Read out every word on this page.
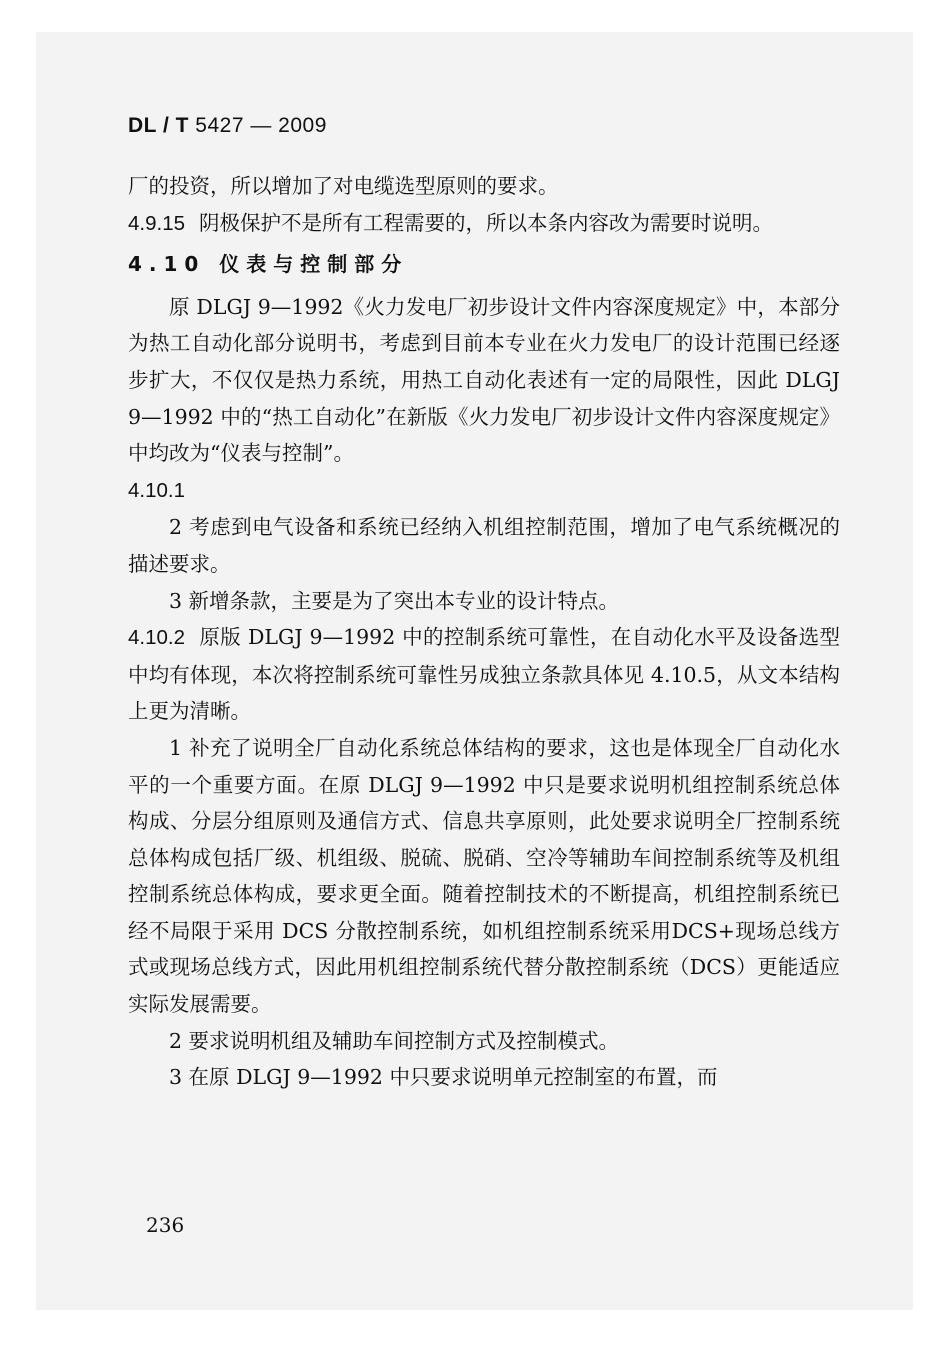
DL / T 5427 — 2009

厂的投资，所以增加了对电缆选型原则的要求。

4.9.15 阴极保护不是所有工程需要的，所以本条内容改为需要时说明。

4.10 仪表与控制部分

原 DLGJ 9—1992《火力发电厂初步设计文件内容深度规定》中，本部分为热工自动化部分说明书，考虑到目前本专业在火力发电厂的设计范围已经逐步扩大，不仅仅是热力系统，用热工自动化表述有一定的局限性，因此 DLGJ 9—1992 中的“热工自动化”在新版《火力发电厂初步设计文件内容深度规定》中均改为“仪表与控制”。

4.10.1

2 考虑到电气设备和系统已经纳入机组控制范围，增加了电气系统概况的描述要求。

3 新增条款，主要是为了突出本专业的设计特点。

4.10.2 原版 DLGJ 9—1992 中的控制系统可靠性，在自动化水平及设备选型中均有体现，本次将控制系统可靠性另成独立条款具体见 4.10.5，从文本结构上更为清晰。

1 补充了说明全厂自动化系统总体结构的要求，这也是体现全厂自动化水平的一个重要方面。在原 DLGJ 9—1992 中只是要求说明机组控制系统总体构成、分层分组原则及通信方式、信息共享原则，此处要求说明全厂控制系统总体构成包括厂级、机组级、脱硫、脱硝、空冷等辅助车间控制系统等及机组控制系统总体构成，要求更全面。随着控制技术的不断提高，机组控制系统已经不局限于采用 DCS 分散控制系统，如机组控制系统采用DCS+现场总线方式或现场总线方式，因此用机组控制系统代替分散控制系统（DCS）更能适应实际发展需要。

2 要求说明机组及辅助车间控制方式及控制模式。

3 在原 DLGJ 9—1992 中只要求说明单元控制室的布置，而

236
